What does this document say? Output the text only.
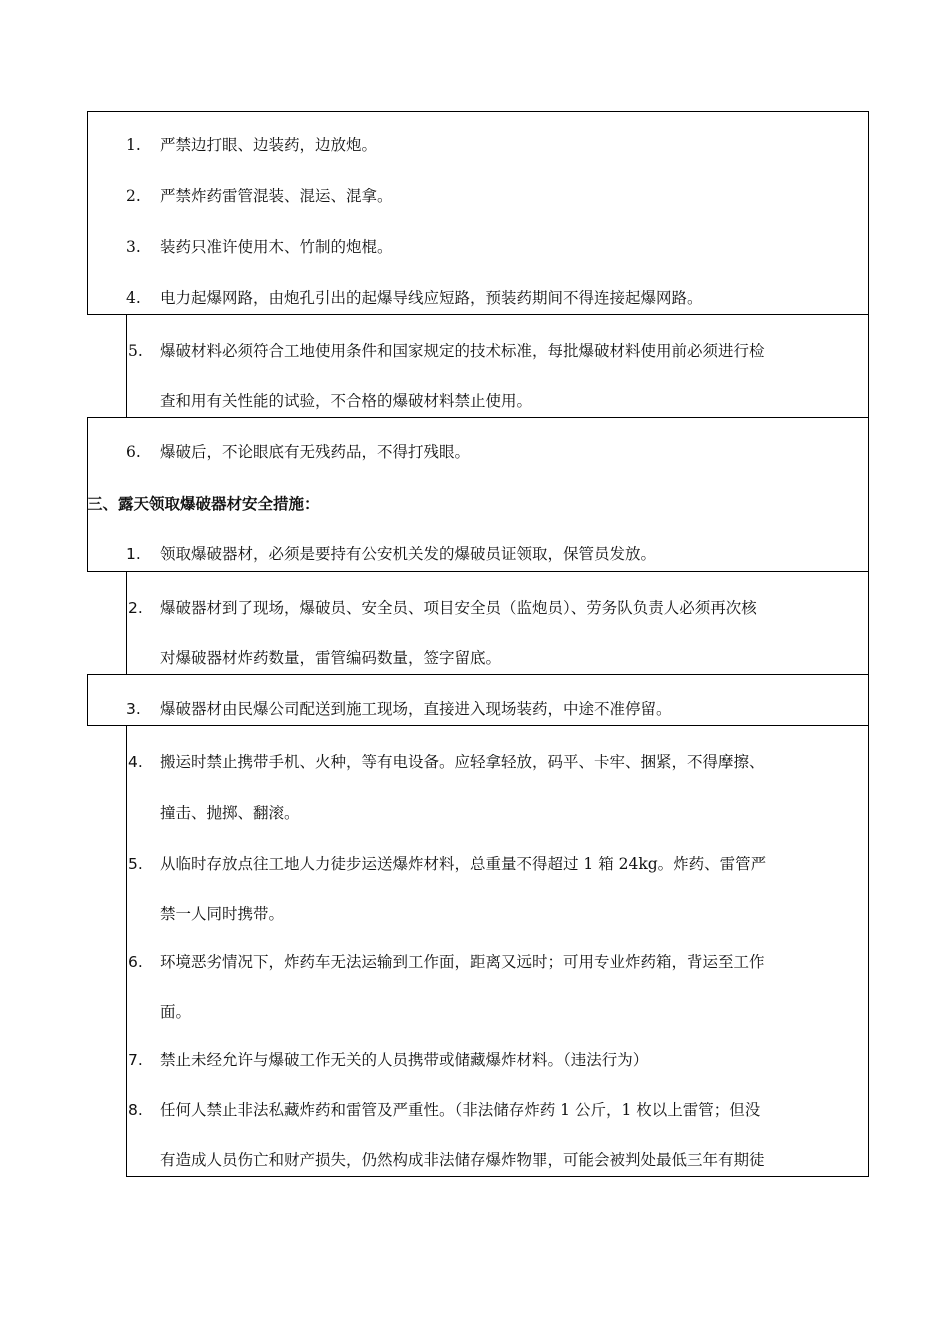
1. 严禁边打眼、边装药，边放炮。
2. 严禁炸药雷管混装、混运、混拿。
3. 装药只准许使用木、竹制的炮棍。
4. 电力起爆网路，由炮孔引出的起爆导线应短路，预装药期间不得连接起爆网路。
5. 爆破材料必须符合工地使用条件和国家规定的技术标准，每批爆破材料使用前必须进行检
查和用有关性能的试验，不合格的爆破材料禁止使用。
6. 爆破后，不论眼底有无残药品，不得打残眼。
三、露天领取爆破器材安全措施：
1. 领取爆破器材，必须是要持有公安机关发的爆破员证领取，保管员发放。
2. 爆破器材到了现场，爆破员、安全员、项目安全员（监炮员）、劳务队负责人必须再次核
对爆破器材炸药数量，雷管编码数量，签字留底。
3. 爆破器材由民爆公司配送到施工现场，直接进入现场装药，中途不准停留。
4. 搬运时禁止携带手机、火种，等有电设备。应轻拿轻放，码平、卡牢、捆紧，不得摩擦、
撞击、抛掷、翻滚。
5. 从临时存放点往工地人力徒步运送爆炸材料，总重量不得超过 1 箱 24kg。炸药、雷管严
禁一人同时携带。
6. 环境恶劣情况下，炸药车无法运输到工作面，距离又远时；可用专业炸药箱，背运至工作
面。
7. 禁止未经允许与爆破工作无关的人员携带或储藏爆炸材料。（违法行为）
8. 任何人禁止非法私藏炸药和雷管及严重性。（非法储存炸药 1 公斤，1 枚以上雷管；但没
有造成人员伤亡和财产损失，仍然构成非法储存爆炸物罪，可能会被判处最低三年有期徒
